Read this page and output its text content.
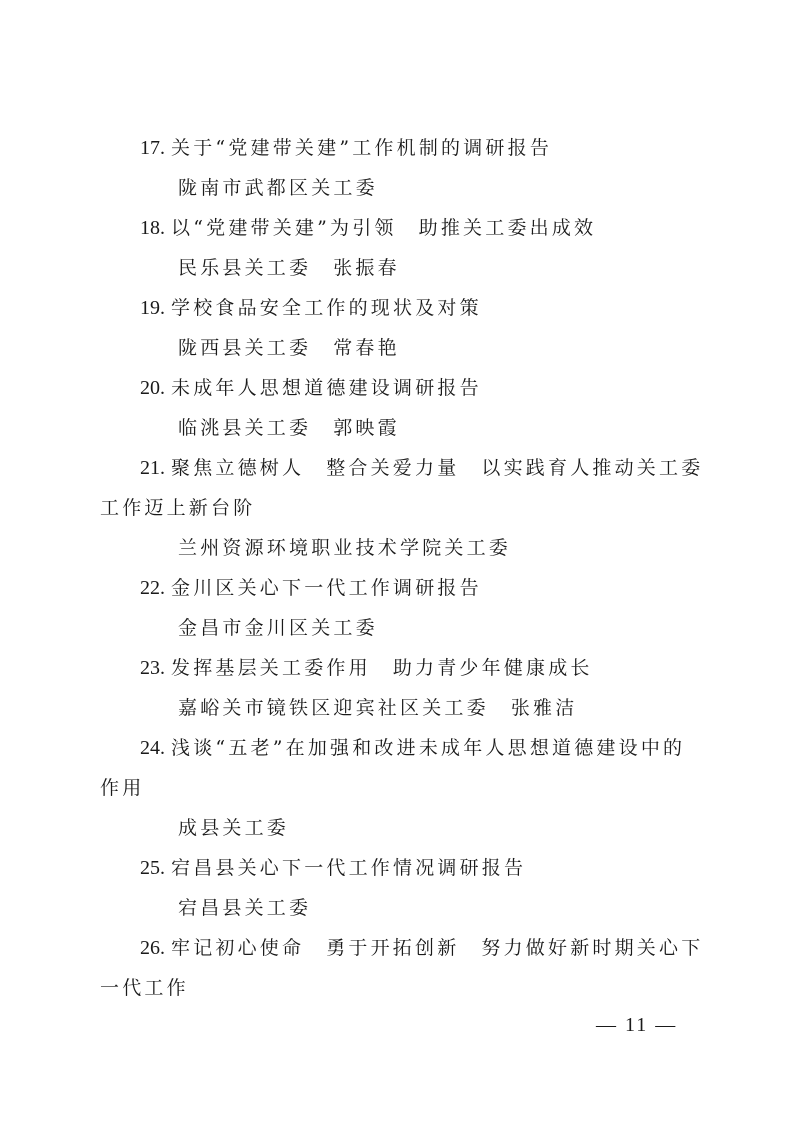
17. 关于“党建带关建”工作机制的调研报告
陇南市武都区关工委
18. 以“党建带关建”为引领 助推关工委出成效
民乐县关工委 张振春
19. 学校食品安全工作的现状及对策
陇西县关工委 常春艳
20. 未成年人思想道德建设调研报告
临洮县关工委 郭映霞
21. 聚焦立德树人 整合关爱力量 以实践育人推动关工委
工作迈上新台阶
兰州资源环境职业技术学院关工委
22. 金川区关心下一代工作调研报告
金昌市金川区关工委
23. 发挥基层关工委作用 助力青少年健康成长
嘉峪关市镜铁区迎宾社区关工委 张雅洁
24. 浅谈“五老”在加强和改进未成年人思想道德建设中的
作用
成县关工委
25. 宕昌县关心下一代工作情况调研报告
宕昌县关工委
26. 牢记初心使命 勇于开拓创新 努力做好新时期关心下
一代工作
— 11 —
